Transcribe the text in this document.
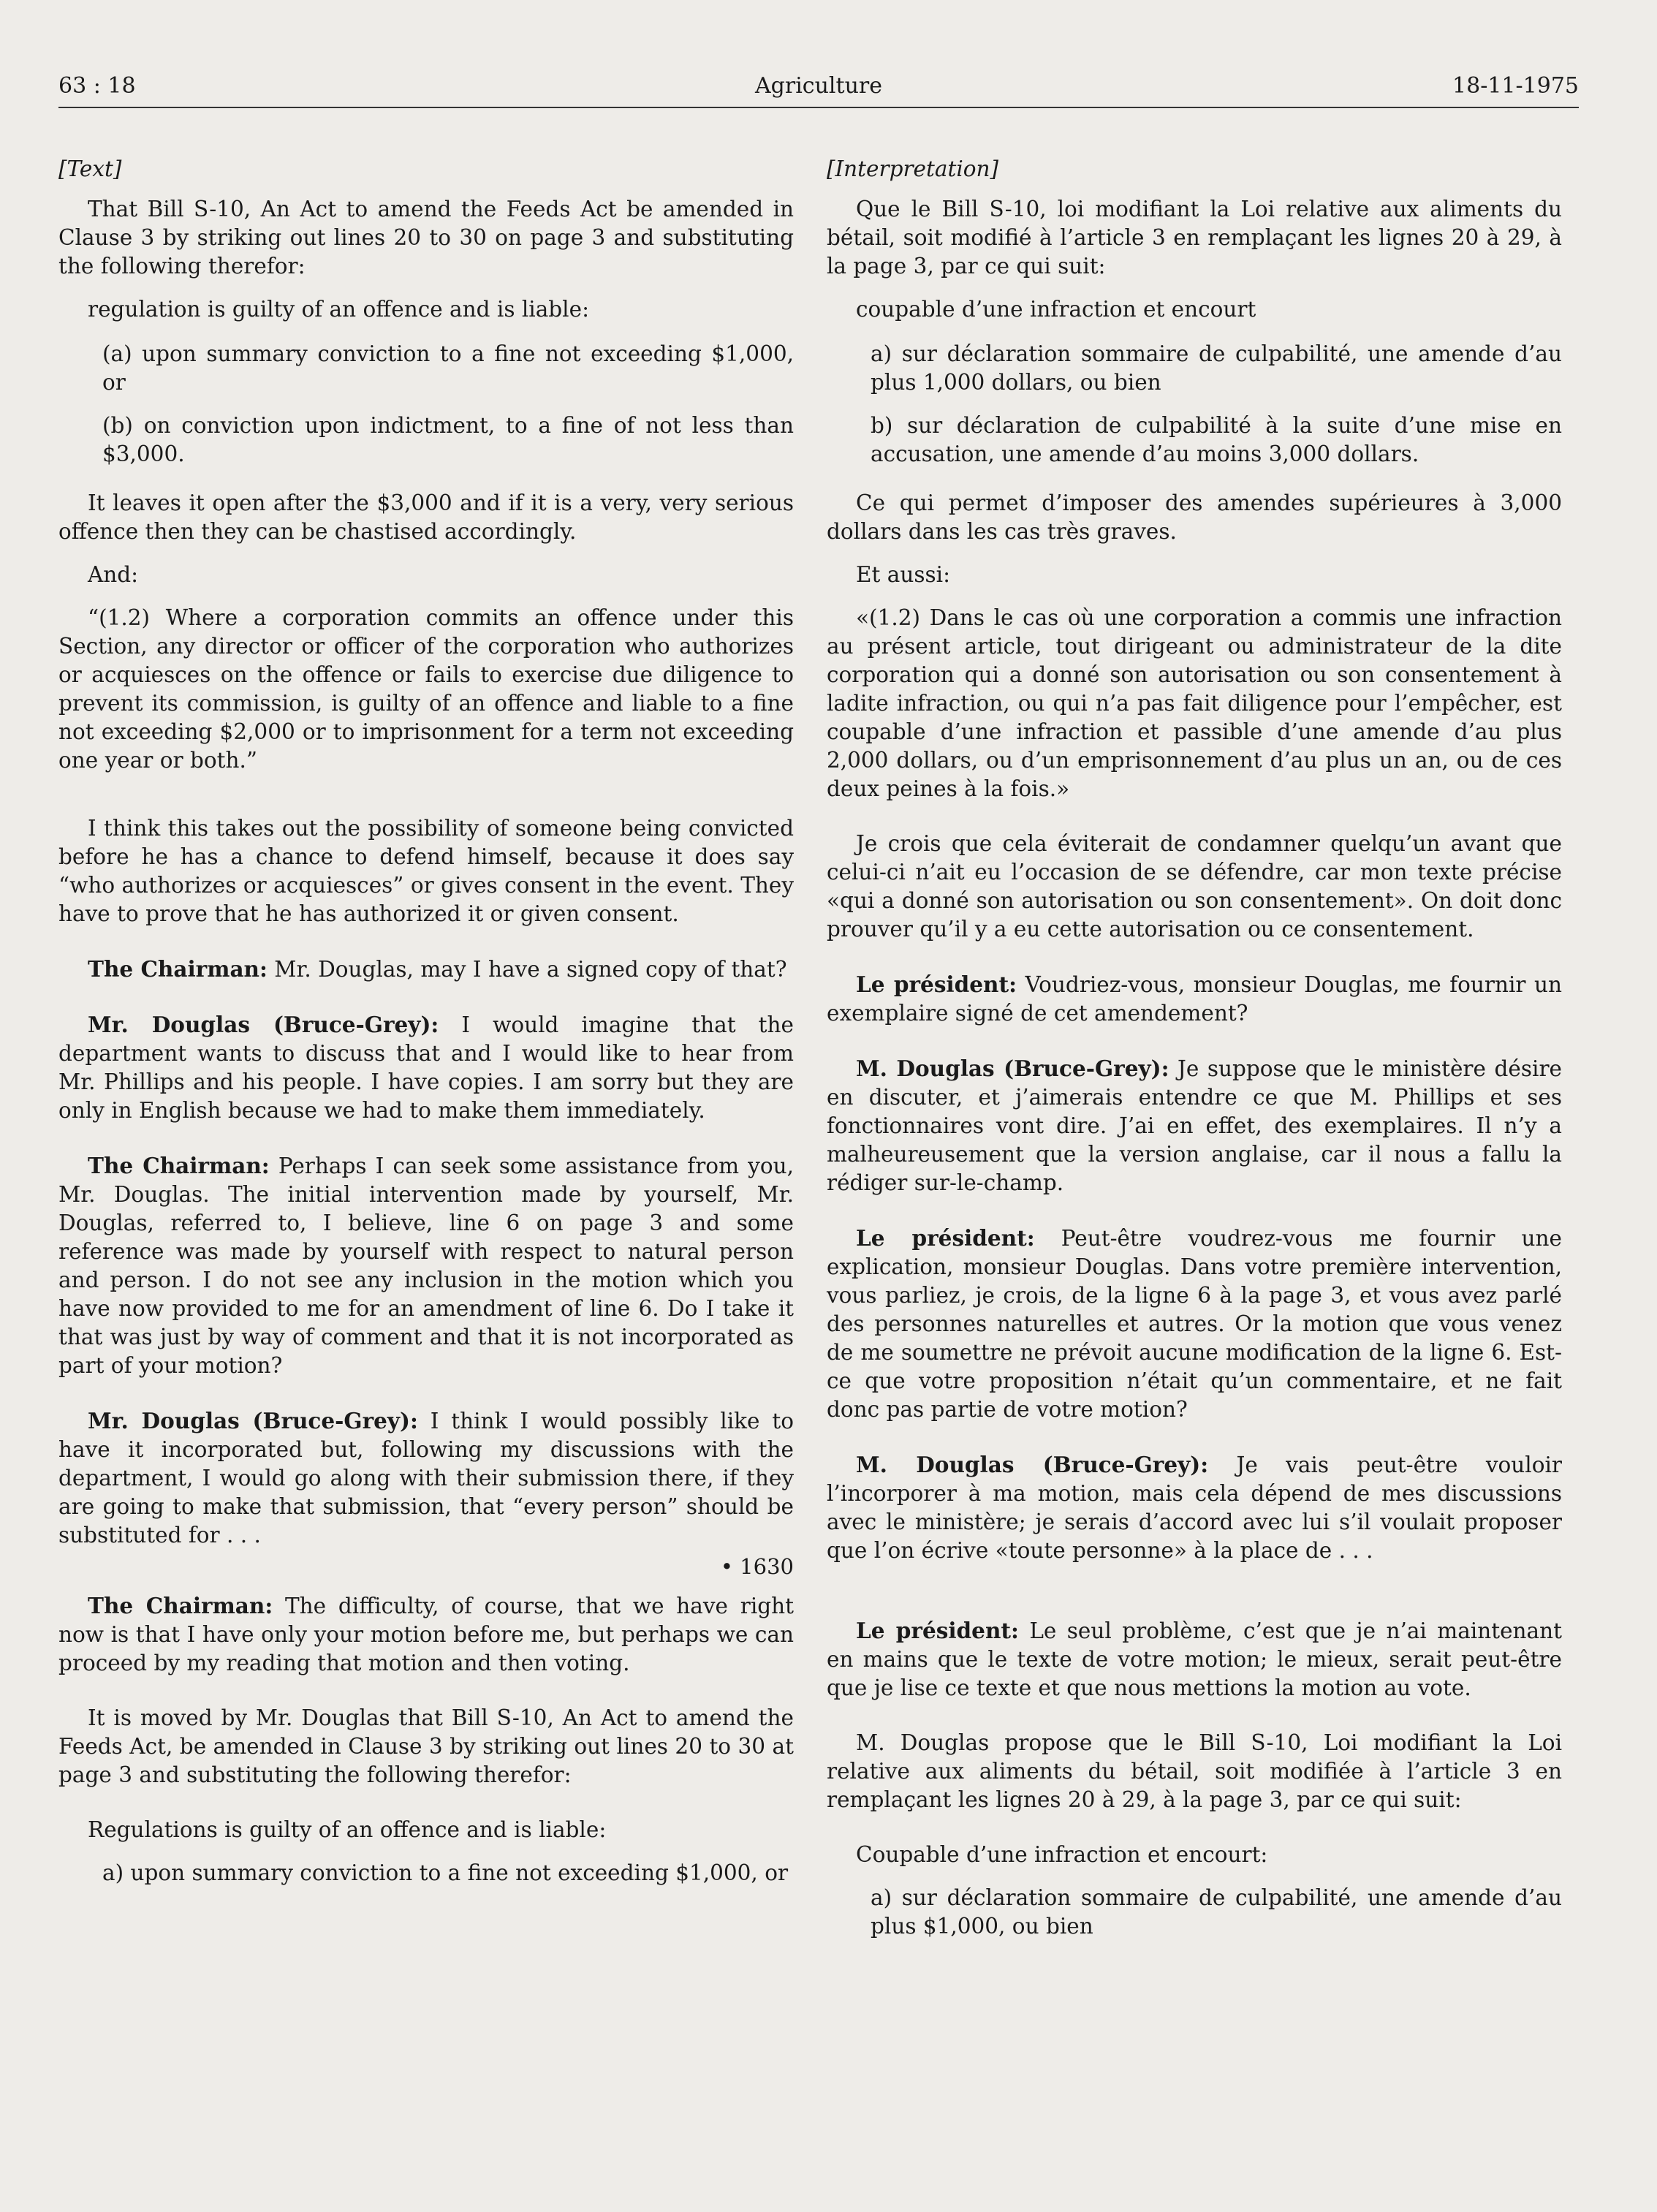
63 : 18	Agriculture	18-11-1975

[Text]

That Bill S-10, An Act to amend the Feeds Act be amended in Clause 3 by striking out lines 20 to 30 on page 3 and substituting the following therefor:

regulation is guilty of an offence and is liable:

(a) upon summary conviction to a fine not exceeding $1,000, or

(b) on conviction upon indictment, to a fine of not less than $3,000.

It leaves it open after the $3,000 and if it is a very, very serious offence then they can be chastised accordingly.

And:

“(1.2) Where a corporation commits an offence under this Section, any director or officer of the corporation who authorizes or acquiesces on the offence or fails to exercise due diligence to prevent its commission, is guilty of an offence and liable to a fine not exceeding $2,000 or to imprisonment for a term not exceeding one year or both.”

I think this takes out the possibility of someone being convicted before he has a chance to defend himself, because it does say “who authorizes or acquiesces” or gives consent in the event. They have to prove that he has authorized it or given consent.

The Chairman: Mr. Douglas, may I have a signed copy of that?

Mr. Douglas (Bruce-Grey): I would imagine that the department wants to discuss that and I would like to hear from Mr. Phillips and his people. I have copies. I am sorry but they are only in English because we had to make them immediately.

The Chairman: Perhaps I can seek some assistance from you, Mr. Douglas. The initial intervention made by yourself, Mr. Douglas, referred to, I believe, line 6 on page 3 and some reference was made by yourself with respect to natural person and person. I do not see any inclusion in the motion which you have now provided to me for an amendment of line 6. Do I take it that was just by way of comment and that it is not incorporated as part of your motion?

Mr. Douglas (Bruce-Grey): I think I would possibly like to have it incorporated but, following my discussions with the department, I would go along with their submission there, if they are going to make that submission, that “every person” should be substituted for . . .

• 1630

The Chairman: The difficulty, of course, that we have right now is that I have only your motion before me, but perhaps we can proceed by my reading that motion and then voting.

It is moved by Mr. Douglas that Bill S-10, An Act to amend the Feeds Act, be amended in Clause 3 by striking out lines 20 to 30 at page 3 and substituting the following therefor:

Regulations is guilty of an offence and is liable:

a) upon summary conviction to a fine not exceeding $1,000, or

[Interpretation]

Que le Bill S-10, loi modifiant la Loi relative aux aliments du bétail, soit modifié à l’article 3 en remplaçant les lignes 20 à 29, à la page 3, par ce qui suit:

coupable d’une infraction et encourt

a) sur déclaration sommaire de culpabilité, une amende d’au plus 1,000 dollars, ou bien

b) sur déclaration de culpabilité à la suite d’une mise en accusation, une amende d’au moins 3,000 dollars.

Ce qui permet d’imposer des amendes supérieures à 3,000 dollars dans les cas très graves.

Et aussi:

«(1.2) Dans le cas où une corporation a commis une infraction au présent article, tout dirigeant ou administrateur de la dite corporation qui a donné son autorisation ou son consentement à ladite infraction, ou qui n’a pas fait diligence pour l’empêcher, est coupable d’une infraction et passible d’une amende d’au plus 2,000 dollars, ou d’un emprisonnement d’au plus un an, ou de ces deux peines à la fois.»

Je crois que cela éviterait de condamner quelqu’un avant que celui-ci n’ait eu l’occasion de se défendre, car mon texte précise «qui a donné son autorisation ou son consentement». On doit donc prouver qu’il y a eu cette autorisation ou ce consentement.

Le président: Voudriez-vous, monsieur Douglas, me fournir un exemplaire signé de cet amendement?

M. Douglas (Bruce-Grey): Je suppose que le ministère désire en discuter, et j’aimerais entendre ce que M. Phillips et ses fonctionnaires vont dire. J’ai en effet, des exemplaires. Il n’y a malheureusement que la version anglaise, car il nous a fallu la rédiger sur-le-champ.

Le président: Peut-être voudrez-vous me fournir une explication, monsieur Douglas. Dans votre première intervention, vous parliez, je crois, de la ligne 6 à la page 3, et vous avez parlé des personnes naturelles et autres. Or la motion que vous venez de me soumettre ne prévoit aucune modification de la ligne 6. Est-ce que votre proposition n’était qu’un commentaire, et ne fait donc pas partie de votre motion?

M. Douglas (Bruce-Grey): Je vais peut-être vouloir l’incorporer à ma motion, mais cela dépend de mes discussions avec le ministère; je serais d’accord avec lui s’il voulait proposer que l’on écrive «toute personne» à la place de . . .

Le président: Le seul problème, c’est que je n’ai maintenant en mains que le texte de votre motion; le mieux, serait peut-être que je lise ce texte et que nous mettions la motion au vote.

M. Douglas propose que le Bill S-10, Loi modifiant la Loi relative aux aliments du bétail, soit modifiée à l’article 3 en remplaçant les lignes 20 à 29, à la page 3, par ce qui suit:

Coupable d’une infraction et encourt:

a) sur déclaration sommaire de culpabilité, une amende d’au plus $1,000, ou bien
